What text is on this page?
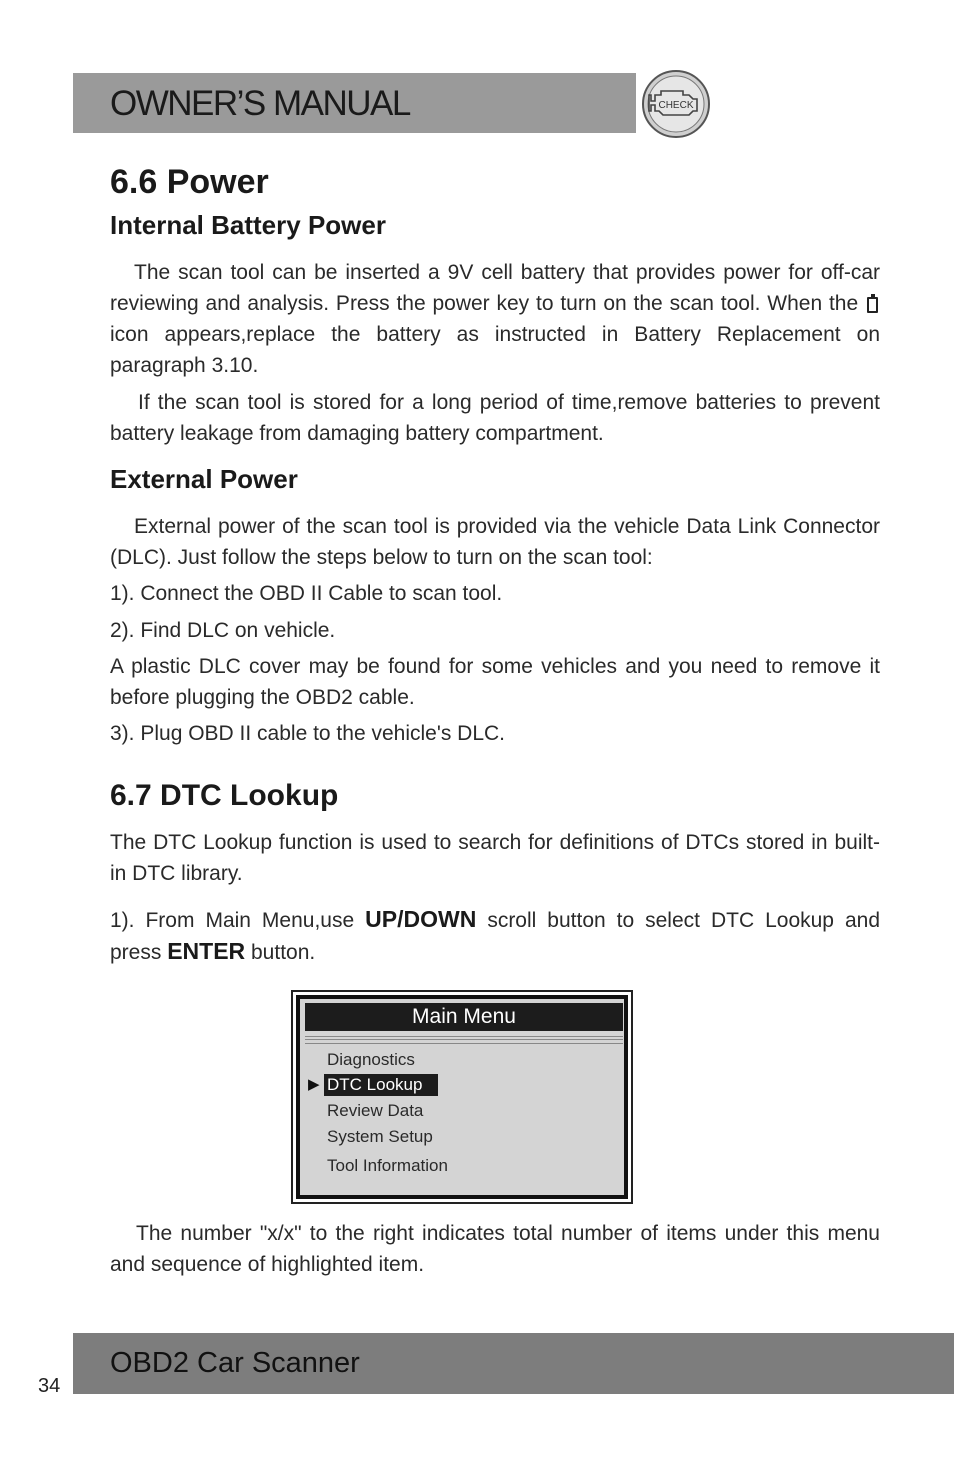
OWNER’S MANUAL	CHECK
6.6 Power
Internal Battery Power
The scan tool can be inserted a 9V cell battery that provides power for off-car reviewing and analysis. Press the power key to turn on the scan tool. When the  icon appears,replace the battery as instructed in Battery Replacement on paragraph 3.10.
If the scan tool is stored for a long period of time,remove batteries to prevent battery leakage from damaging battery compartment.
External Power
External power of the scan tool is provided via the vehicle Data Link Connector (DLC). Just follow the steps below to turn on the scan tool:
1). Connect the OBD II Cable to scan tool.
2). Find DLC on vehicle.
A plastic DLC cover may be found for some vehicles and you need to remove it before plugging the OBD2 cable.
3). Plug OBD II cable to the vehicle's DLC.
6.7 DTC Lookup
The DTC Lookup function is used to search for definitions of DTCs stored in built-in DTC library.
1). From Main Menu,use UP/DOWN scroll button to select DTC Lookup and press ENTER button.
Main Menu
Diagnostics
▶ DTC Lookup
Review Data
System Setup
Tool Information
The number "x/x" to the right indicates total number of items under this menu and sequence of highlighted item.
OBD2 Car Scanner
34
